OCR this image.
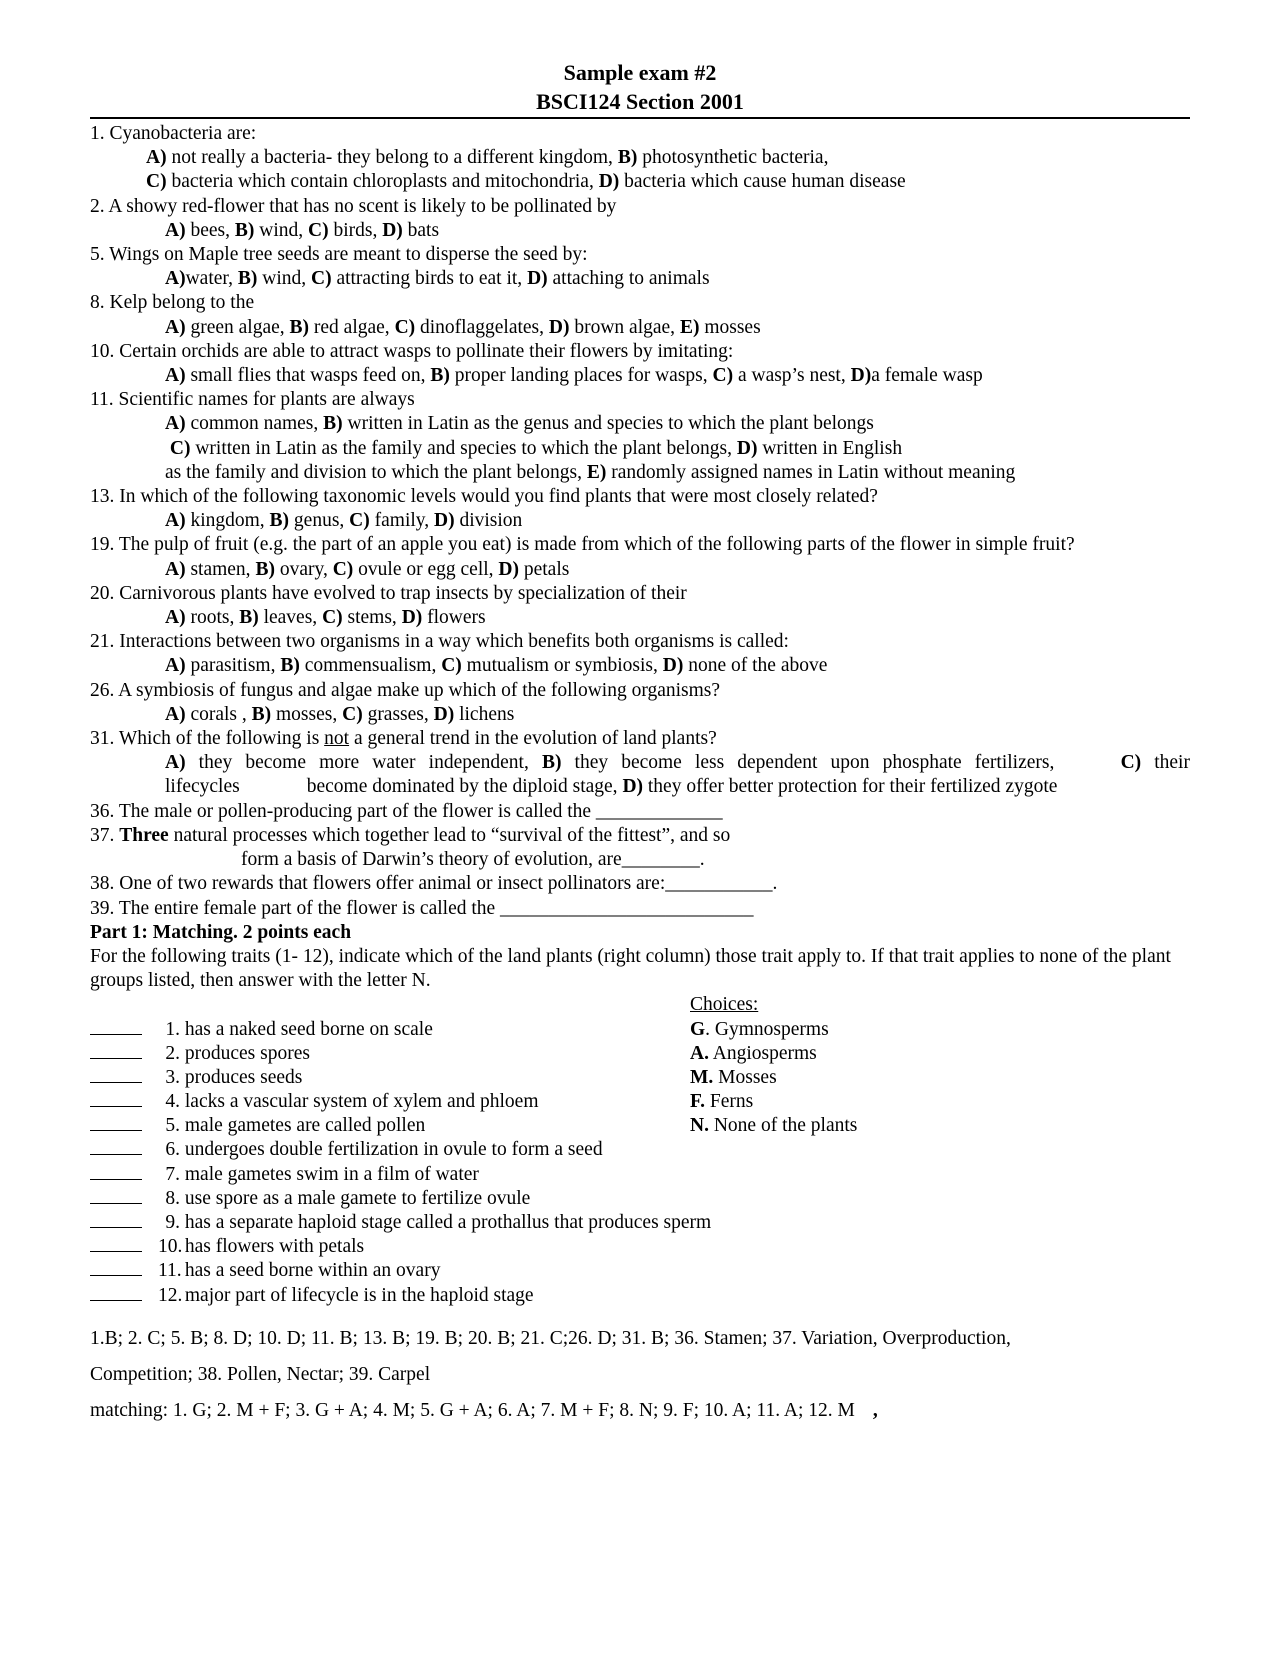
Sample exam #2
BSCI124 Section 2001
1. Cyanobacteria are:
A) not really a bacteria- they belong to a different kingdom, B) photosynthetic bacteria,
C) bacteria which contain chloroplasts and mitochondria, D) bacteria which cause human disease
2. A showy red-flower that has no scent is likely to be pollinated by
A) bees, B) wind, C) birds, D) bats
5. Wings on Maple tree seeds are meant to disperse the seed by:
A)water, B) wind, C) attracting birds to eat it, D) attaching to animals
8. Kelp belong to the
A) green algae, B) red algae, C) dinoflaggelates, D) brown algae, E) mosses
10. Certain orchids are able to attract wasps to pollinate their flowers by imitating:
A) small flies that wasps feed on, B) proper landing places for wasps, C) a wasp’s nest, D)a female wasp
11. Scientific names for plants are always
A) common names, B) written in Latin as the genus and species to which the plant belongs
C) written in Latin as the family and species to which the plant belongs, D) written in English
as the family and division to which the plant belongs, E) randomly assigned names in Latin without meaning
13. In which of the following taxonomic levels would you find plants that were most closely related?
A) kingdom, B) genus, C) family, D) division
19. The pulp of fruit (e.g. the part of an apple you eat) is made from which of the following parts of the flower in simple fruit?
A) stamen, B) ovary, C) ovule or egg cell, D) petals
20. Carnivorous plants have evolved to trap insects by specialization of their
A) roots, B) leaves, C) stems, D) flowers
21. Interactions between two organisms in a way which benefits both organisms is called:
A) parasitism, B) commensualism, C) mutualism or symbiosis, D) none of the above
26. A symbiosis of fungus and algae make up which of the following organisms?
A) corals , B) mosses, C) grasses, D) lichens
31. Which of the following is not a general trend in the evolution of land plants?
A) they become more water independent, B) they become less dependent upon phosphate fertilizers,	C) their
lifecycles	become dominated by the diploid stage, D) they offer better protection for their fertilized zygote
36. The male or pollen-producing part of the flower is called the _____________
37. Three natural processes which together lead to “survival of the fittest”, and so
form a basis of Darwin’s theory of evolution, are________.
38. One of two rewards that flowers offer animal or insect pollinators are:___________.
39. The entire female part of the flower is called the __________________________
Part 1: Matching. 2 points each
For the following traits (1- 12), indicate which of the land plants (right column) those trait apply to. If that trait applies to none of the plant groups listed, then answer with the letter N.
1. has a naked seed borne on scale
2. produces spores
3. produces seeds
4. lacks a vascular system of xylem and phloem
5. male gametes are called pollen
6. undergoes double fertilization in ovule to form a seed
7. male gametes swim in a film of water
8. use spore as a male gamete to fertilize ovule
9. has a separate haploid stage called a prothallus that produces sperm
10. has flowers with petals
11. has a seed borne within an ovary
12. major part of lifecycle is in the haploid stage
Choices:
G. Gymnosperms
A. Angiosperms
M. Mosses
F. Ferns
N. None of the plants
1.B; 2. C; 5. B; 8. D; 10. D; 11. B; 13. B; 19. B; 20. B; 21. C;26. D; 31. B; 36. Stamen; 37. Variation, Overproduction,
Competition; 38. Pollen, Nectar; 39. Carpel
matching: 1. G; 2. M + F; 3. G + A; 4. M; 5. G + A; 6. A; 7. M + F; 8. N; 9. F; 10. A; 11. A; 12. M ,
